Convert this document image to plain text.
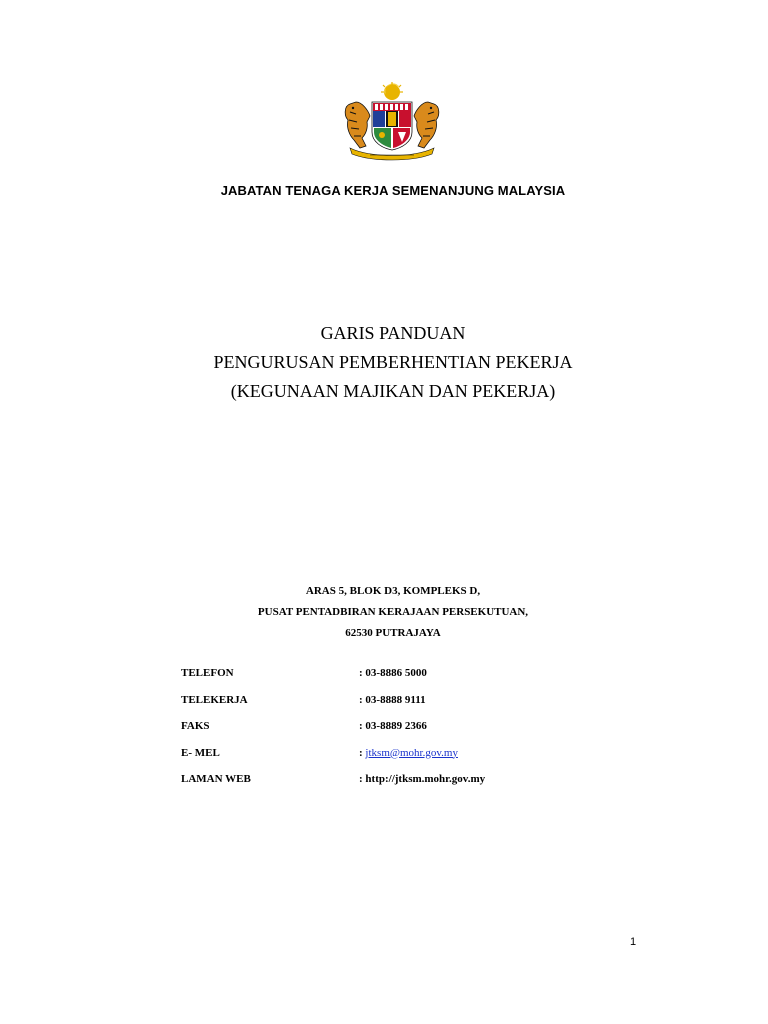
JABATAN TENAGA KERJA SEMENANJUNG MALAYSIA
GARIS PANDUAN
PENGURUSAN PEMBERHENTIAN PEKERJA
(KEGUNAAN MAJIKAN DAN PEKERJA)
ARAS 5, BLOK D3, KOMPLEKS D,
PUSAT PENTADBIRAN KERAJAAN PERSEKUTUAN,
62530 PUTRAJAYA
TELEFON	: 03-8886 5000
TELEKERJA	: 03-8888 9111
FAKS	: 03-8889 2366
E- MEL	: jtksm@mohr.gov.my
LAMAN WEB	: http://jtksm.mohr.gov.my
1
